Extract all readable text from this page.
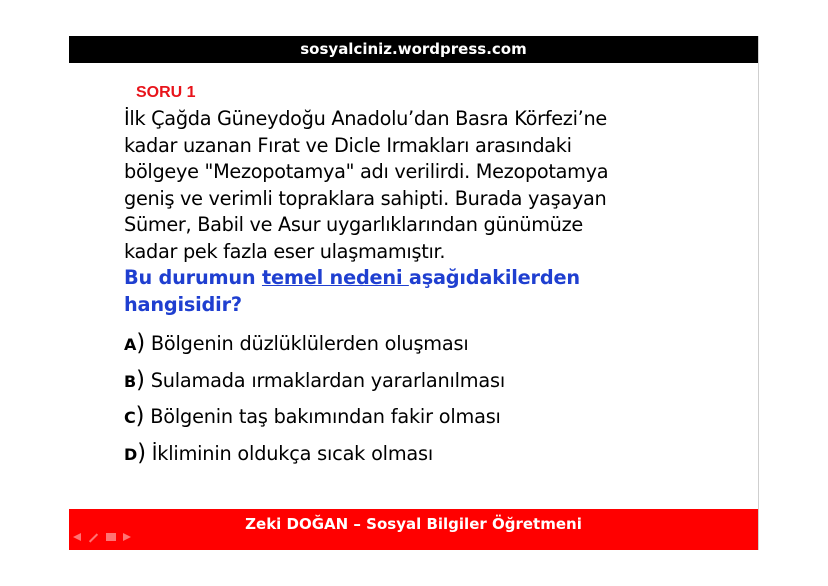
sosyalciniz.wordpress.com
SORU 1

İlk Çağda Güneydoğu Anadolu’dan Basra Körfezi’ne
kadar uzanan Fırat ve Dicle Irmakları arasındaki
bölgeye "Mezopotamya" adı verilirdi. Mezopotamya
geniş ve verimli topraklara sahipti. Burada yaşayan
Sümer, Babil ve Asur uygarlıklarından günümüze
kadar pek fazla eser ulaşmamıştır.

Bu durumun temel nedeni aşağıdakilerden
hangisidir?

A) Bölgenin düzlüklülerden oluşması
B) Sulamada ırmaklardan yararlanılması
C) Bölgenin taş bakımından fakir olması
D) İkliminin oldukça sıcak olması
Zeki DOĞAN – Sosyal Bilgiler Öğretmeni
